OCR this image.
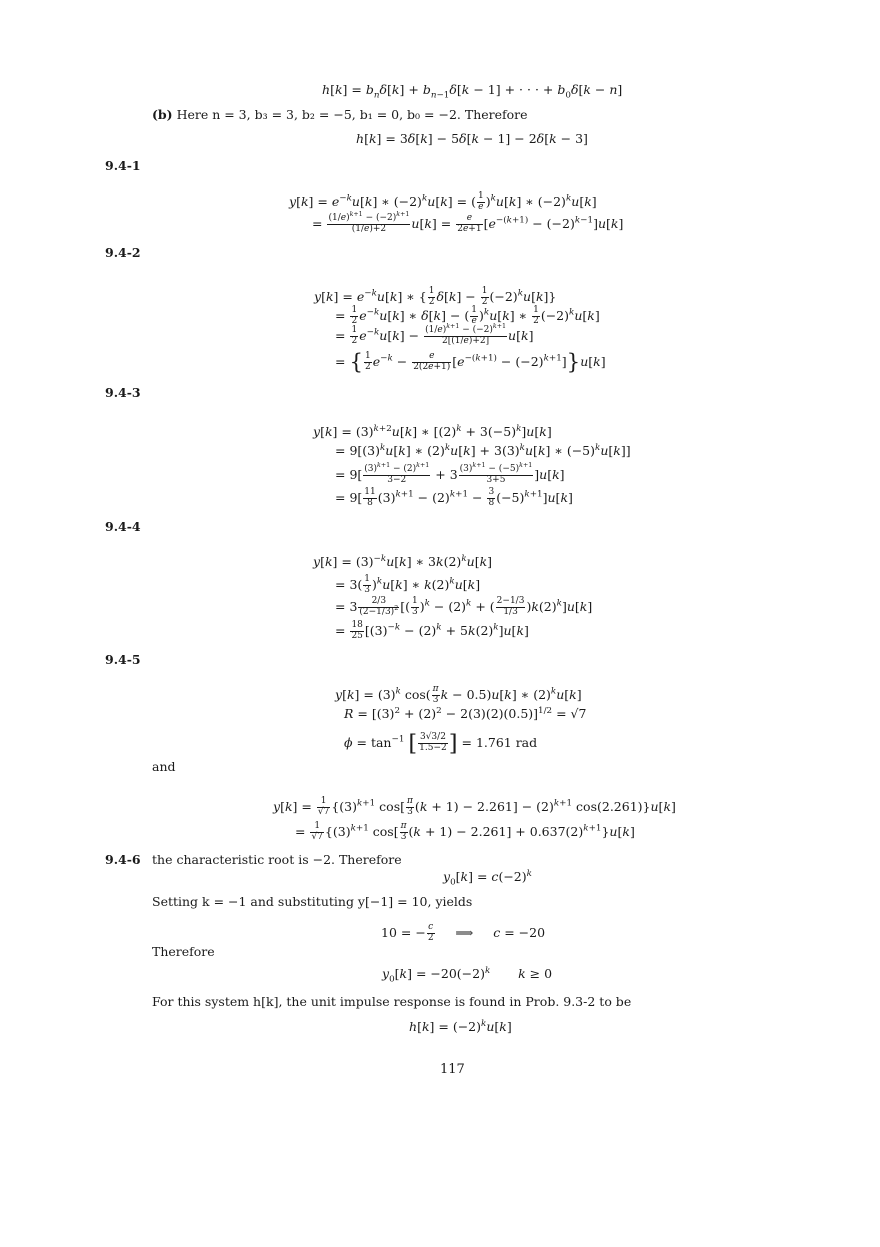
$h[k] = b_n\delta[k] + b_{n-1}\delta[k - 1]$ + · · · + $b_0\delta[k - n]$
(b) Here n = 3, b₃ = 3, b₂ = −5, b₁ = 0, b₀ = −2. Therefore
h[k] = 3δ[k] − 5δ[k − 1] − 2δ[k − 3]
9.4-1
$y[k] = e^{-k}u[k]$ ∗ $(-2)^ku[k]$ = ( $\frac{1}{e} )^ku[k]$ ∗ $(-2)^ku[k]$
= $\frac{(1/e)^{k+1} - (-2)^{k+1}}{(1/e)+2} u[k] = \frac{e}{2e+1} [e^{-(k+1)} - (-2)^{k-1}]u[k]$
9.4-2
$y[k] = e^{-k}u[k]$ ∗ { $\frac{1}{2} \delta[k] - \frac{1}{2} (-2)^ku[k]$}
= $\frac{1}{2} e^{-k}u[k]$ ∗ δ[k] − ( $\frac{1}{e} )^ku[k]$ ∗ $\frac{1}{2} (-2)^ku[k]$
= $\frac{1}{2} e^{-k}u[k] - \frac{(1/e)^{k+1} - (-2)^{k+1}}{2[(1/e)+2]} u[k]$
= { $\frac{1}{2} e^{-k} - \frac{e}{2(2e+1)} [e^{-(k+1)} - (-2)^{k+1}]\}u[k]$
9.4-3
$y[k] = (3)^{k+2}u[k]$ ∗ $[(2)^k + 3(-5)^k]u[k]$
= $9[(3)^ku[k]$ ∗ $(2)^ku[k] + 3(3)^ku[k]$ ∗ $(-5)^ku[k]$]
= $9[ \frac{(3)^{k+1} - (2)^{k+1}}{3-2} + 3 \frac{(3)^{k+1} - (-5)^{k+1}}{3+5} ]u[k]$
= $9[ \frac{11}{8} (3)^{k+1} - (2)^{k+1} - \frac{3}{8} (-5)^{k+1}]u[k]$
9.4-4
$y[k] = (3)^{-k}u[k]$ ∗ $3k(2)^ku[k]$
= $3( \frac{1}{3} )^ku[k]$ ∗ $k(2)^ku[k]$
= $3 \frac{2/3}{(2-1/3)^2}$ [( $\frac{1}{3} )^k - (2)^k$ + ( $\frac{2-1/3}{1/3} )k(2)^k]u[k]$
= $\frac{18}{25} [(3)^{-k} - (2)^k + 5k(2)^k]u[k]$
9.4-5
$y[k] = (3)^k$ $\cos( \frac{\pi}{3}$ k − 0.5)u[k] ∗ $(2)^ku[k]$
$R = [(3)^2 + (2)^2 - 2(3)(2)(0.5)]^{1/2} = √7$
$\phi = \tan^{-1}$ [ $\frac{3√3/2}{1.5-2}$ ] = 1.761 rad
and
$y[k] = \frac{1}{√7} \{(3)^{k+1}$ $\cos[ \frac{\pi}{3} (k + 1) - 2.261] - (2)^{k+1}$ cos(2.261)}u[k]
= $\frac{1}{√7} \{(3)^{k+1}$ $\cos[ \frac{\pi}{3} (k + 1) - 2.261] + 0.637(2)^{k+1}\}u[k]$
9.4-6 the characteristic root is −2. Therefore
$y_0[k] = c(-2)^k$
Setting k = −1 and substituting y[−1] = 10, yields
10 = − $\frac{c}{2}$ ⟹     c = −20
Therefore
$y_0[k] = -20(-2)^k$ k ≥ 0
For this system h[k], the unit impulse response is found in Prob. 9.3-2 to be
$h[k] = (-2)^ku[k]$
117
